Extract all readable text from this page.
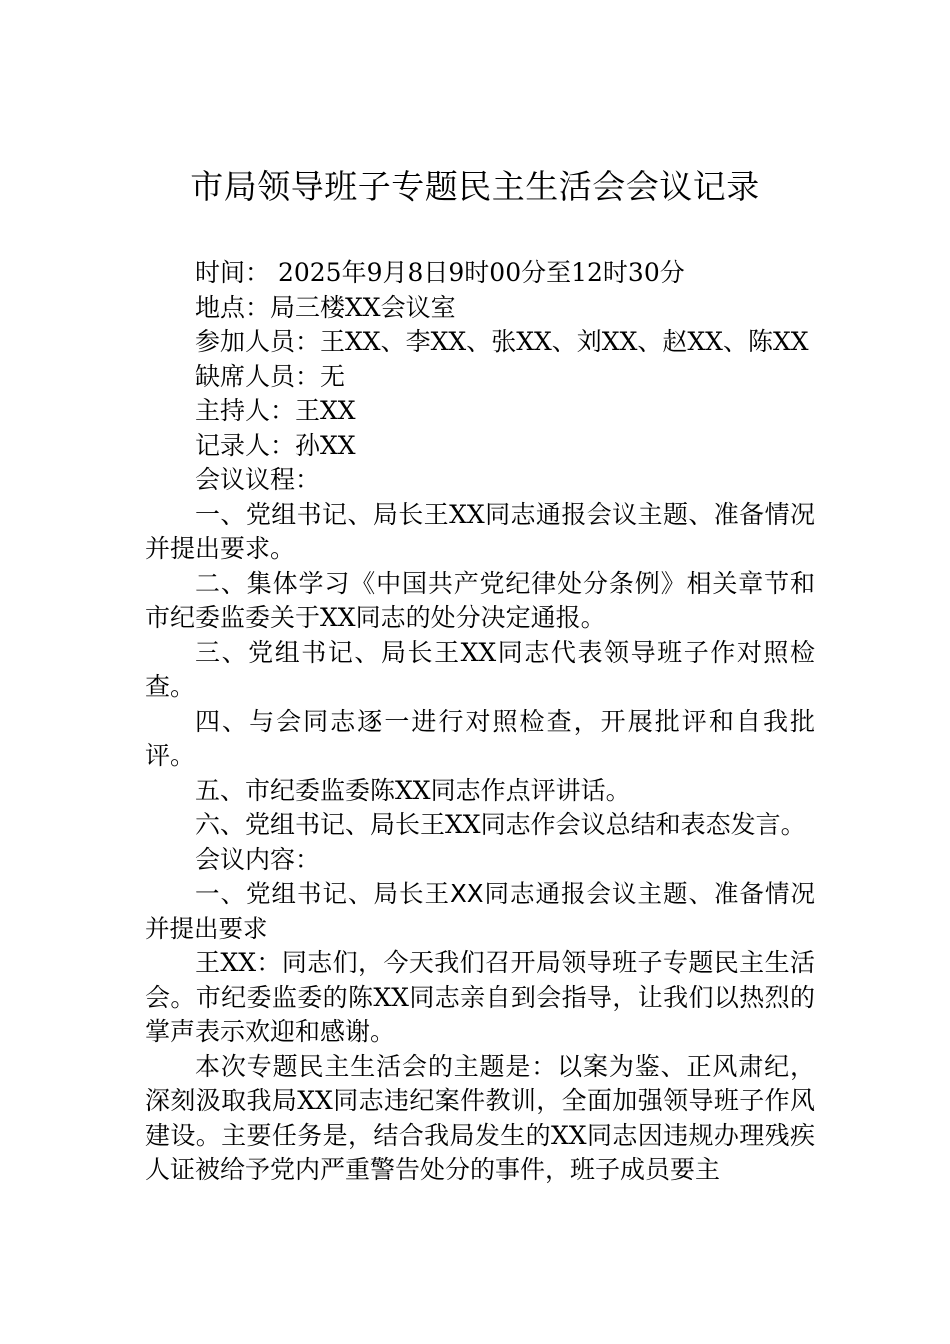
市局领导班子专题民主生活会会议记录

时间： 2025年9月8日9时00分至12时30分

地点：局三楼XX会议室

参加人员：王XX、李XX、张XX、刘XX、赵XX、陈XX

缺席人员：无

主持人：王XX

记录人：孙XX

会议议程：

一、党组书记、局长王XX同志通报会议主题、准备情况并提出要求。

二、集体学习《中国共产党纪律处分条例》相关章节和市纪委监委关于XX同志的处分决定通报。

三、党组书记、局长王XX同志代表领导班子作对照检查。

四、与会同志逐一进行对照检查，开展批评和自我批评。

五、市纪委监委陈XX同志作点评讲话。

六、党组书记、局长王XX同志作会议总结和表态发言。

会议内容：

一、党组书记、局长王XX同志通报会议主题、准备情况并提出要求

王XX：同志们，今天我们召开局领导班子专题民主生活会。市纪委监委的陈XX同志亲自到会指导，让我们以热烈的掌声表示欢迎和感谢。

本次专题民主生活会的主题是：以案为鉴、正风肃纪，深刻汲取我局XX同志违纪案件教训，全面加强领导班子作风建设。主要任务是，结合我局发生的XX同志因违规办理残疾人证被给予党内严重警告处分的事件，班子成员要主
